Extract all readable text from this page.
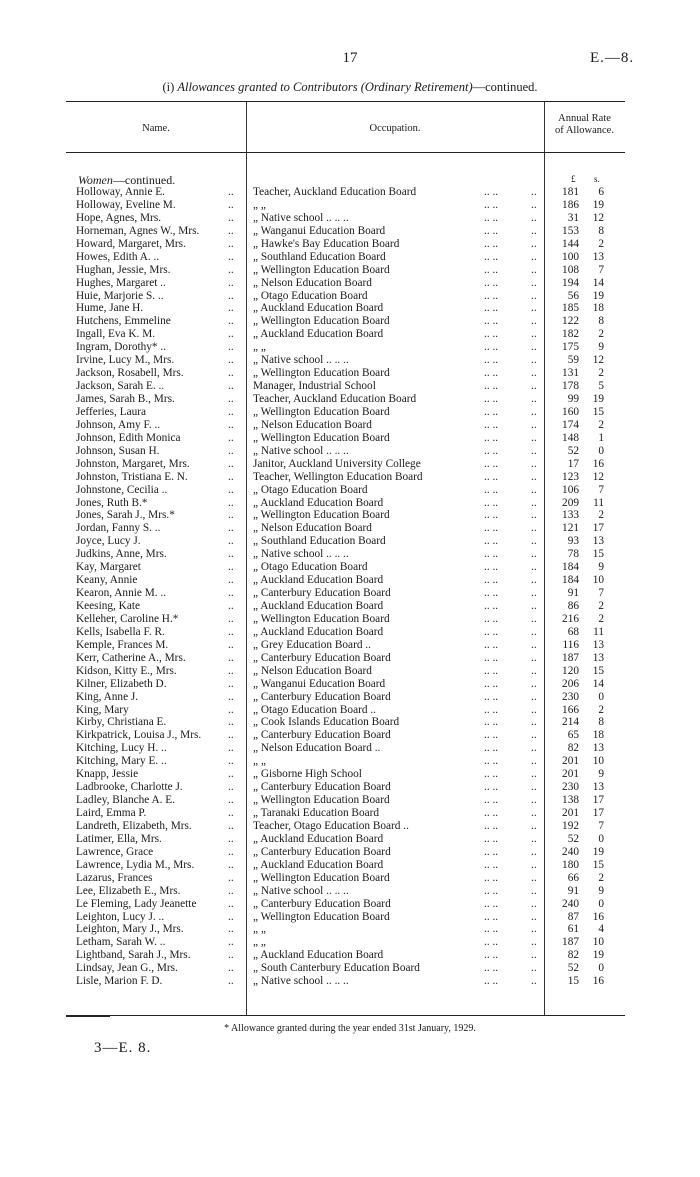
17	E.—8.
(i) Allowances granted to Contributors (Ordinary Retirement)—continued.
Name.	Occupation.
Annual Rate
of Allowance.
Women—continued.	£ s.
Holloway, Annie E.	.. Teacher, Auckland Education Board	.. ..	181	6
..
Holloway, Eveline M.	.. „ „	.. ..	186	19
..
Hope, Agnes, Mrs.	.. „ Native school .. .. ..	.. ..	31	12
..
Horneman, Agnes W., Mrs.	.. „ Wanganui Education Board	.. ..	153	8
..
Howard, Margaret, Mrs.	.. „ Hawke's Bay Education Board	.. ..	144	2
..
Howes, Edith A. ..	.. „ Southland Education Board	.. ..	100	13
..
Hughan, Jessie, Mrs.	.. „ Wellington Education Board	.. ..	108	7
..
Hughes, Margaret ..	.. „ Nelson Education Board	.. ..	194	14
..
Huie, Marjorie S. ..	.. „ Otago Education Board	.. ..	56	19
..
Hume, Jane H.	.. „ Auckland Education Board	.. ..	185	18
..
Hutchens, Emmeline	.. „ Wellington Education Board	.. ..	122	8
..
Ingall, Eva K. M.	.. „ Auckland Education Board	.. ..	182	2
..
Ingram, Dorothy* ..	.. „ „	.. ..	175	9
..
Irvine, Lucy M., Mrs.	.. „ Native school .. .. ..	.. ..	59	12
..
Jackson, Rosabell, Mrs.	.. „ Wellington Education Board	.. ..	131	2
..
Jackson, Sarah E. ..	.. Manager, Industrial School	.. ..	178	5
..
James, Sarah B., Mrs.	.. Teacher, Auckland Education Board	.. ..	99	19
..
Jefferies, Laura	.. „ Wellington Education Board	.. ..	160	15
..
Johnson, Amy F. ..	.. „ Nelson Education Board	.. ..	174	2
..
Johnson, Edith Monica	.. „ Wellington Education Board	.. ..	148	1
..
Johnson, Susan H.	.. „ Native school .. .. ..	.. ..	52	0
..
Johnston, Margaret, Mrs.	.. Janitor, Auckland University College	.. ..	17	16
..
Johnston, Tristiana E. N.	.. Teacher, Wellington Education Board	.. ..	123	12
..
Johnstone, Cecilia ..	.. „ Otago Education Board	.. ..	106	7
..
Jones, Ruth B.*	.. „ Auckland Education Board	.. ..	209	11
..
Jones, Sarah J., Mrs.*	.. „ Wellington Education Board	.. ..	133	2
..
Jordan, Fanny S. ..	.. „ Nelson Education Board	.. ..	121	17
..
Joyce, Lucy J.	.. „ Southland Education Board	.. ..	93	13
..
Judkins, Anne, Mrs.	.. „ Native school .. .. ..	.. ..	78	15
..
Kay, Margaret	.. „ Otago Education Board	.. ..	184	9
..
Keany, Annie	.. „ Auckland Education Board	.. ..	184	10
..
Kearon, Annie M. ..	.. „ Canterbury Education Board	.. ..	91	7
..
Keesing, Kate	.. „ Auckland Education Board	.. ..	86	2
..
Kelleher, Caroline H.*	.. „ Wellington Education Board	.. ..	216	2
..
Kells, Isabella F. R.	.. „ Auckland Education Board	.. ..	68	11
..
Kemple, Frances M.	.. „ Grey Education Board ..	.. ..	116	13
..
Kerr, Catherine A., Mrs.	.. „ Canterbury Education Board	.. ..	187	13
..
Kidson, Kitty E., Mrs.	.. „ Nelson Education Board	.. ..	120	15
..
Kilner, Elizabeth D.	.. „ Wanganui Education Board	.. ..	206	14
..
King, Anne J.	.. „ Canterbury Education Board	.. ..	230	0
..
King, Mary	.. „ Otago Education Board ..	.. ..	166	2
..
Kirby, Christiana E.	.. „ Cook Islands Education Board	.. ..	214	8
..
Kirkpatrick, Louisa J., Mrs. .. „ Canterbury Education Board	.. ..	65	18
..
Kitching, Lucy H. ..	.. „ Nelson Education Board ..	.. ..	82	13
..
Kitching, Mary E. ..	.. „ „	.. ..	201	10
..
Knapp, Jessie	.. „ Gisborne High School	.. ..	201	9
..
Ladbrooke, Charlotte J.	.. „ Canterbury Education Board	.. ..	230	13
..
Ladley, Blanche A. E.	.. „ Wellington Education Board	.. ..	138	17
..
Laird, Emma P.	.. „ Taranaki Education Board	.. ..	201	17
..
Landreth, Elizabeth, Mrs.	.. Teacher, Otago Education Board ..	.. ..	192	7
..
Latimer, Ella, Mrs.	.. „ Auckland Education Board	.. ..	52	0
..
Lawrence, Grace	.. „ Canterbury Education Board	.. ..	240	19
..
Lawrence, Lydia M., Mrs.	.. „ Auckland Education Board	.. ..	180	15
..
Lazarus, Frances	.. „ Wellington Education Board	.. ..	66	2
..
Lee, Elizabeth E., Mrs.	.. „ Native school .. .. ..	.. ..	91	9
..
Le Fleming, Lady Jeanette	.. „ Canterbury Education Board	.. ..	240	0
..
Leighton, Lucy J. ..	.. „ Wellington Education Board	.. ..	87	16
..
Leighton, Mary J., Mrs.	.. „ „	.. ..	61	4
..
Letham, Sarah W. ..	.. „ „	.. ..	187	10
..
Lightband, Sarah J., Mrs.	.. „ Auckland Education Board	.. ..	82	19
..
Lindsay, Jean G., Mrs.	.. „ South Canterbury Education Board	.. ..	52	0
..
Lisle, Marion F. D.	.. „ Native school .. .. ..	.. ..	15	16
..
* Allowance granted during the year ended 31st January, 1929.
3—E. 8.
